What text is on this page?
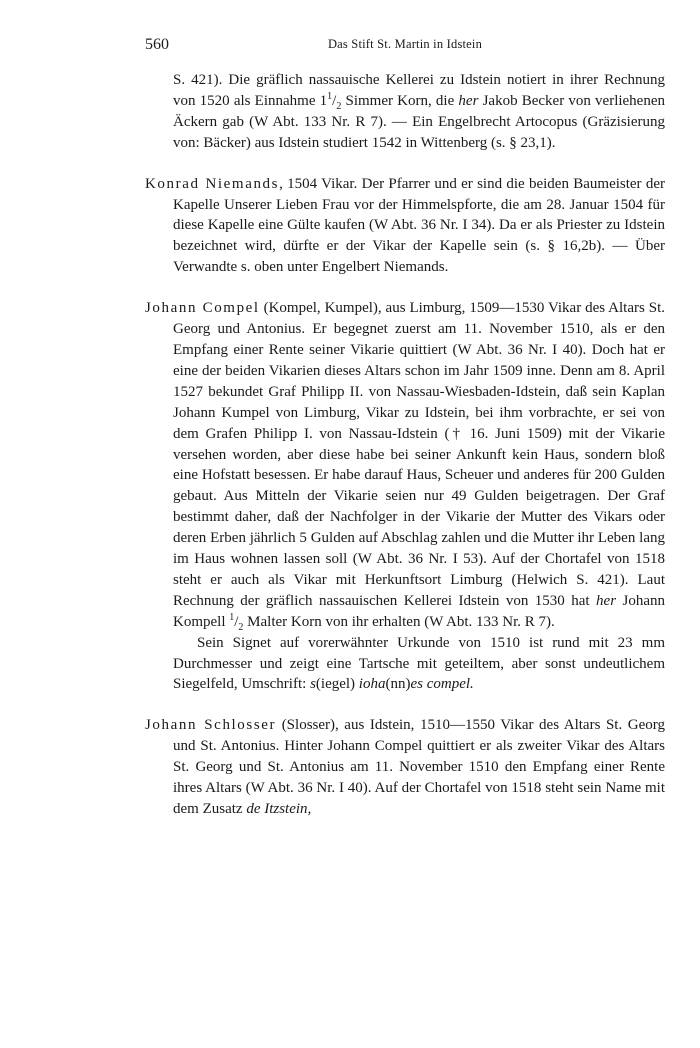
560	Das Stift St. Martin in Idstein

S. 421). Die gräflich nassauische Kellerei zu Idstein notiert in ihrer Rechnung von 1520 als Einnahme $1^1/_2$ Simmer Korn, die her Jakob Becker von verliehenen Äckern gab (W Abt. 133 Nr. R 7). — Ein Engelbrecht Artocopus (Gräzisierung von: Bäcker) aus Idstein studiert 1542 in Wittenberg (s. § 23,1).

Konrad Niemands, 1504 Vikar. Der Pfarrer und er sind die beiden Baumeister der Kapelle Unserer Lieben Frau vor der Himmelspforte, die am 28. Januar 1504 für diese Kapelle eine Gülte kaufen (W Abt. 36 Nr. I 34). Da er als Priester zu Idstein bezeichnet wird, dürfte er der Vikar der Kapelle sein (s. § 16,2b). — Über Verwandte s. oben unter Engelbert Niemands.

Johann Compel (Kompel, Kumpel), aus Limburg, 1509—1530 Vikar des Altars St. Georg und Antonius. Er begegnet zuerst am 11. November 1510, als er den Empfang einer Rente seiner Vikarie quittiert (W Abt. 36 Nr. I 40). Doch hat er eine der beiden Vikarien dieses Altars schon im Jahr 1509 inne. Denn am 8. April 1527 bekundet Graf Philipp II. von Nassau-Wiesbaden-Idstein, daß sein Kaplan Johann Kumpel von Limburg, Vikar zu Idstein, bei ihm vorbrachte, er sei von dem Grafen Philipp I. von Nassau-Idstein († 16. Juni 1509) mit der Vikarie versehen worden, aber diese habe bei seiner Ankunft kein Haus, sondern bloß eine Hofstatt besessen. Er habe darauf Haus, Scheuer und anderes für 200 Gulden gebaut. Aus Mitteln der Vikarie seien nur 49 Gulden beigetragen. Der Graf bestimmt daher, daß der Nachfolger in der Vikarie der Mutter des Vikars oder deren Erben jährlich 5 Gulden auf Abschlag zahlen und die Mutter ihr Leben lang im Haus wohnen lassen soll (W Abt. 36 Nr. I 53). Auf der Chortafel von 1518 steht er auch als Vikar mit Herkunftsort Limburg (Helwich S. 421). Laut Rechnung der gräflich nassauischen Kellerei Idstein von 1530 hat her Johann Kompell $^1/_2$ Malter Korn von ihr erhalten (W Abt. 133 Nr. R 7).

Sein Signet auf vorerwähnter Urkunde von 1510 ist rund mit 23 mm Durchmesser und zeigt eine Tartsche mit geteiltem, aber sonst undeutlichem Siegelfeld, Umschrift: s(iegel) ioha(nn)es compel.

Johann Schlosser (Slosser), aus Idstein, 1510—1550 Vikar des Altars St. Georg und St. Antonius. Hinter Johann Compel quittiert er als zweiter Vikar des Altars St. Georg und St. Antonius am 11. November 1510 den Empfang einer Rente ihres Altars (W Abt. 36 Nr. I 40). Auf der Chortafel von 1518 steht sein Name mit dem Zusatz de Itzstein,
